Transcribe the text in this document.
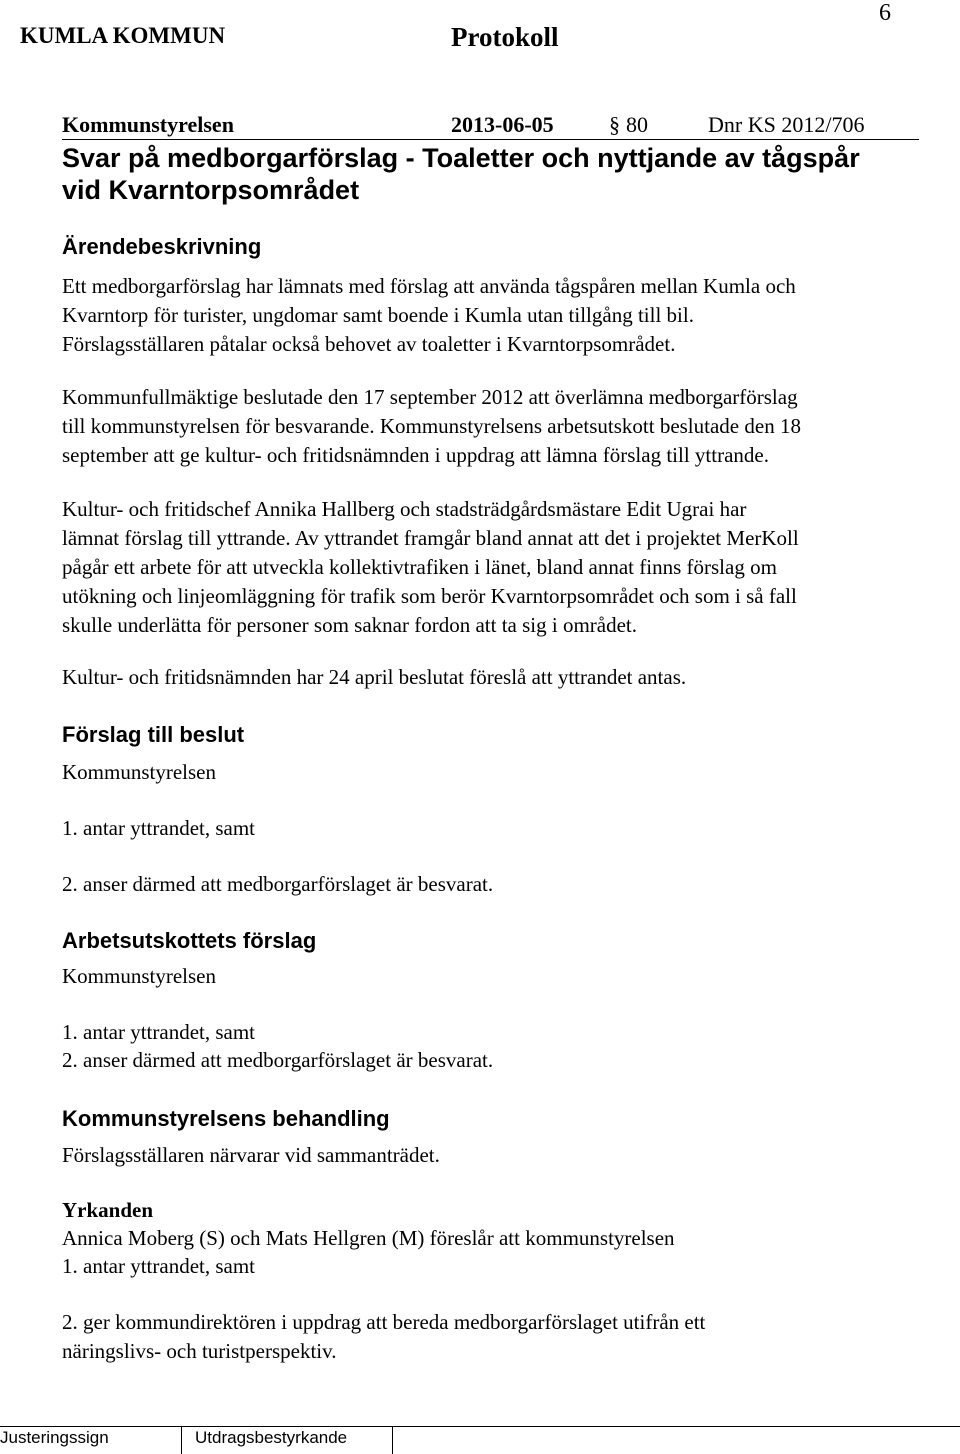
KUMLA KOMMUN	Protokoll
6
Kommunstyrelsen	2013-06-05	§ 80	Dnr KS 2012/706
Svar på medborgarförslag - Toaletter och nyttjande av tågspår
vid Kvarntorpsområdet
Ärendebeskrivning

Ett medborgarförslag har lämnats med förslag att använda tågspåren mellan Kumla och
Kvarntorp för turister, ungdomar samt boende i Kumla utan tillgång till bil.
Förslagsställaren påtalar också behovet av toaletter i Kvarntorpsområdet.

Kommunfullmäktige beslutade den 17 september 2012 att överlämna medborgarförslag
till kommunstyrelsen för besvarande. Kommunstyrelsens arbetsutskott beslutade den 18
september att ge kultur- och fritidsnämnden i uppdrag att lämna förslag till yttrande.

Kultur- och fritidschef Annika Hallberg och stadsträdgårdsmästare Edit Ugrai har
lämnat förslag till yttrande. Av yttrandet framgår bland annat att det i projektet MerKoll
pågår ett arbete för att utveckla kollektivtrafiken i länet, bland annat finns förslag om
utökning och linjeomläggning för trafik som berör Kvarntorpsområdet och som i så fall
skulle underlätta för personer som saknar fordon att ta sig i området.

Kultur- och fritidsnämnden har 24 april beslutat föreslå att yttrandet antas.

Förslag till beslut

Kommunstyrelsen

1. antar yttrandet, samt

2. anser därmed att medborgarförslaget är besvarat.

Arbetsutskottets förslag

Kommunstyrelsen

1. antar yttrandet, samt

2. anser därmed att medborgarförslaget är besvarat.

Kommunstyrelsens behandling

Förslagsställaren närvarar vid sammanträdet.

Yrkanden

Annica Moberg (S) och Mats Hellgren (M) föreslår att kommunstyrelsen

1. antar yttrandet, samt

2. ger kommundirektören i uppdrag att bereda medborgarförslaget utifrån ett
näringslivs- och turistperspektiv.

Justeringssign	Utdragsbestyrkande
